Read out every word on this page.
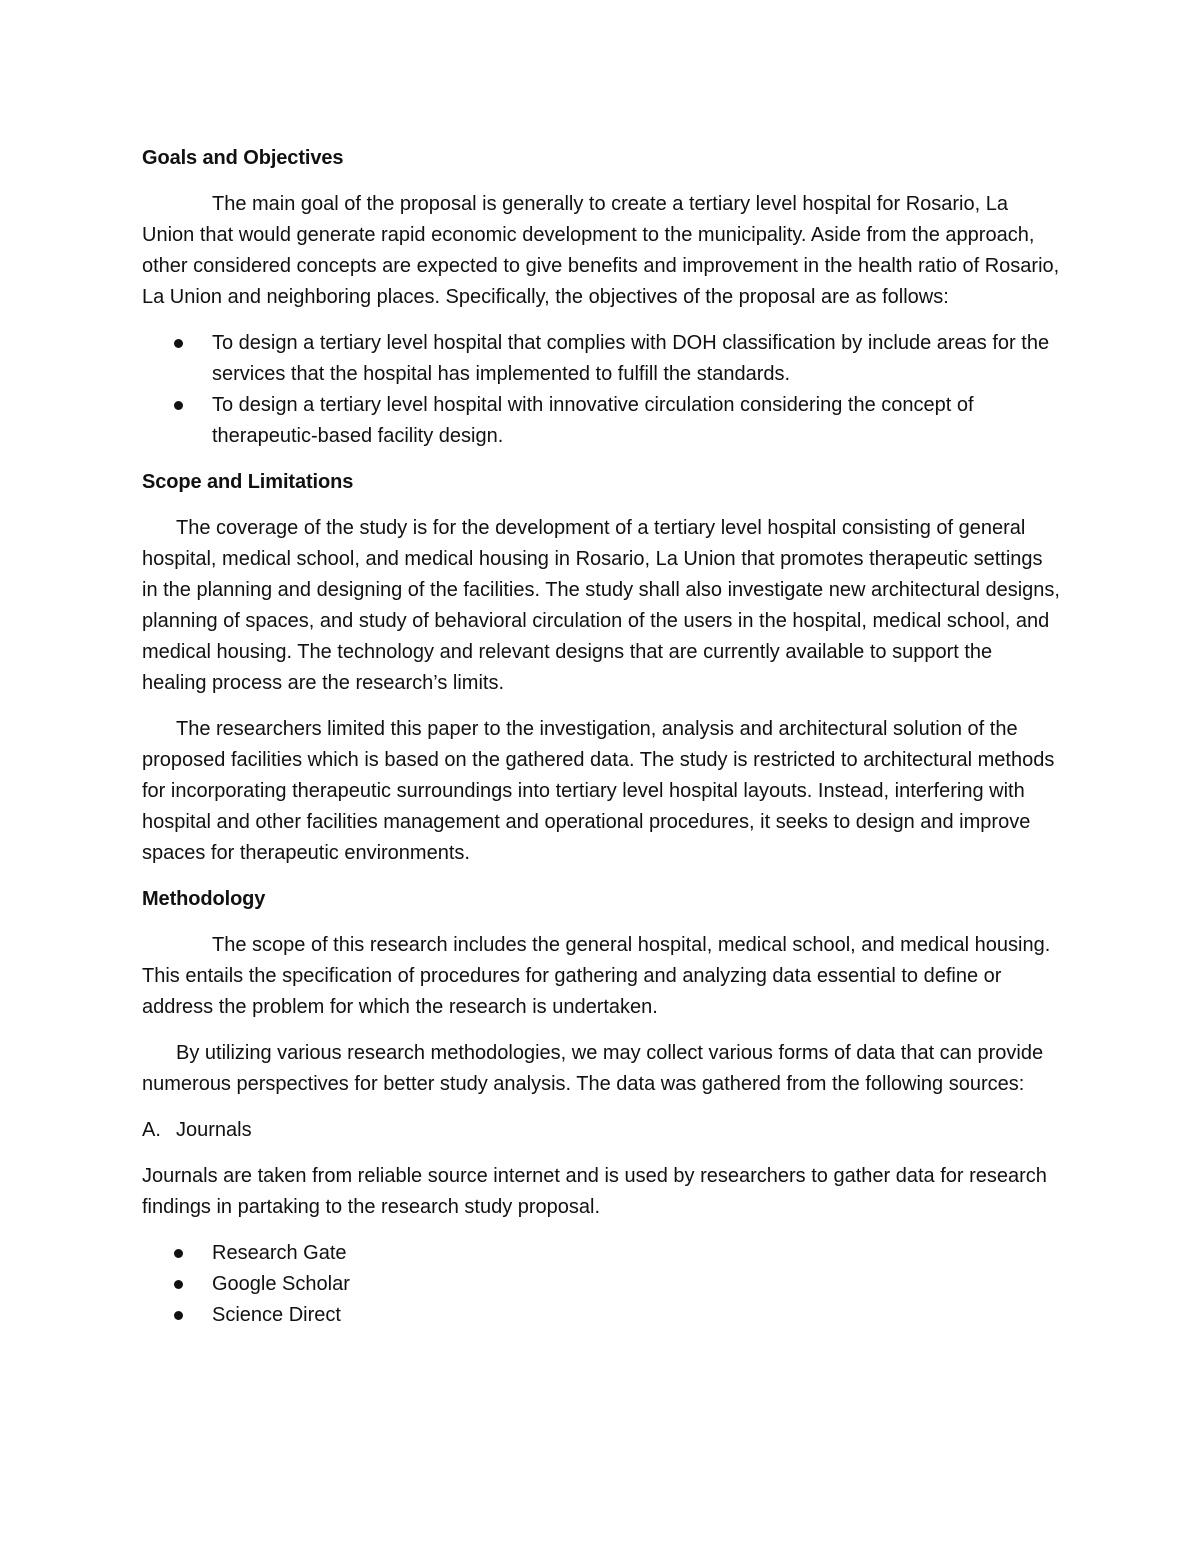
Goals and Objectives

The main goal of the proposal is generally to create a tertiary level hospital for Rosario, La Union that would generate rapid economic development to the municipality. Aside from the approach, other considered concepts are expected to give benefits and improvement in the health ratio of Rosario, La Union and neighboring places. Specifically, the objectives of the proposal are as follows:

To design a tertiary level hospital that complies with DOH classification by include areas for the services that the hospital has implemented to fulfill the standards.
To design a tertiary level hospital with innovative circulation considering the concept of therapeutic-based facility design.
Scope and Limitations

The coverage of the study is for the development of a tertiary level hospital consisting of general hospital, medical school, and medical housing in Rosario, La Union that promotes therapeutic settings in the planning and designing of the facilities. The study shall also investigate new architectural designs, planning of spaces, and study of behavioral circulation of the users in the hospital, medical school, and medical housing. The technology and relevant designs that are currently available to support the healing process are the research’s limits.

The researchers limited this paper to the investigation, analysis and architectural solution of the proposed facilities which is based on the gathered data. The study is restricted to architectural methods for incorporating therapeutic surroundings into tertiary level hospital layouts. Instead, interfering with hospital and other facilities management and operational procedures, it seeks to design and improve spaces for therapeutic environments.

Methodology

The scope of this research includes the general hospital, medical school, and medical housing. This entails the specification of procedures for gathering and analyzing data essential to define or address the problem for which the research is undertaken.

By utilizing various research methodologies, we may collect various forms of data that can provide numerous perspectives for better study analysis. The data was gathered from the following sources:

A. Journals

Journals are taken from reliable source internet and is used by researchers to gather data for research findings in partaking to the research study proposal.

Research Gate
Google Scholar
Science Direct
